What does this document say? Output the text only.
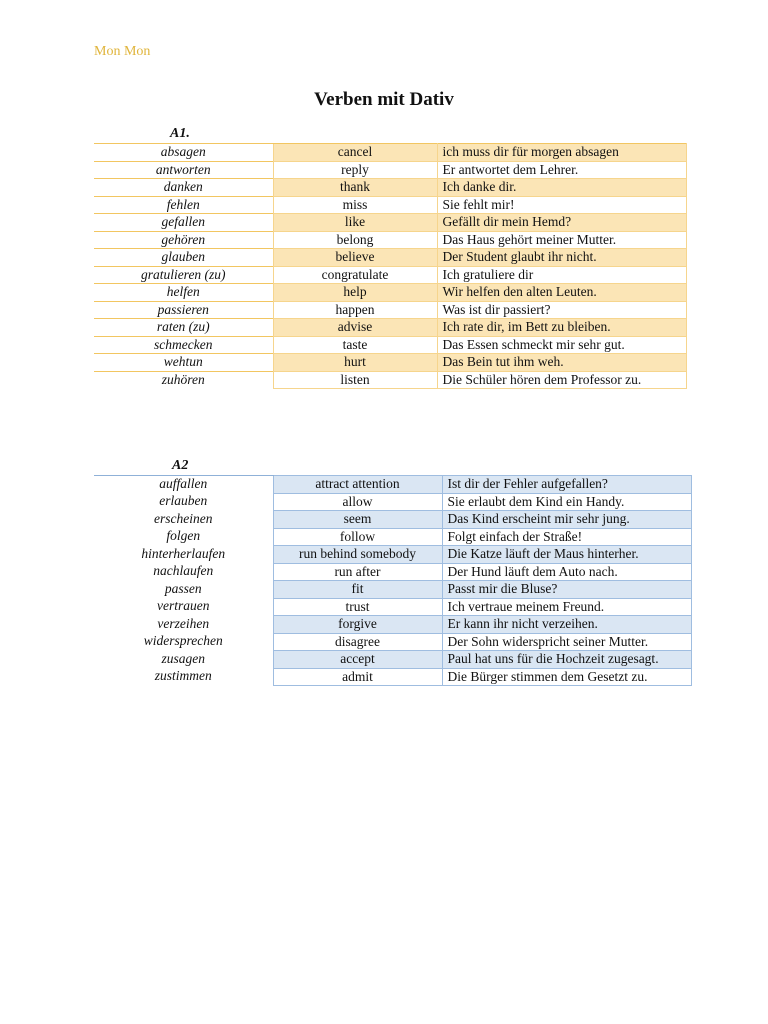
Mon Mon
Verben mit Dativ
A1.
absagen	cancel	ich muss dir für morgen absagen
antworten	reply	Er antwortet dem Lehrer.
danken	thank	Ich danke dir.
fehlen	miss	Sie fehlt mir!
gefallen	like	Gefällt dir mein Hemd?
gehören	belong	Das Haus gehört meiner Mutter.
glauben	believe	Der Student glaubt ihr nicht.
gratulieren (zu)	congratulate	Ich gratuliere dir
helfen	help	Wir helfen den alten Leuten.
passieren	happen	Was ist dir passiert?
raten (zu)	advise	Ich rate dir, im Bett zu bleiben.
schmecken	taste	Das Essen schmeckt mir sehr gut.
wehtun	hurt	Das Bein tut ihm weh.
zuhören	listen	Die Schüler hören dem Professor zu.
A2
auffallen	attract attention	Ist dir der Fehler aufgefallen?
erlauben	allow	Sie erlaubt dem Kind ein Handy.
erscheinen	seem	Das Kind erscheint mir sehr jung.
folgen	follow	Folgt einfach der Straße!
hinterherlaufen	run behind somebody	Die Katze läuft der Maus hinterher.
nachlaufen	run after	Der Hund läuft dem Auto nach.
passen	fit	Passt mir die Bluse?
vertrauen	trust	Ich vertraue meinem Freund.
verzeihen	forgive	Er kann ihr nicht verzeihen.
widersprechen	disagree	Der Sohn widerspricht seiner Mutter.
zusagen	accept	Paul hat uns für die Hochzeit zugesagt.
zustimmen	admit	Die Bürger stimmen dem Gesetzt zu.
